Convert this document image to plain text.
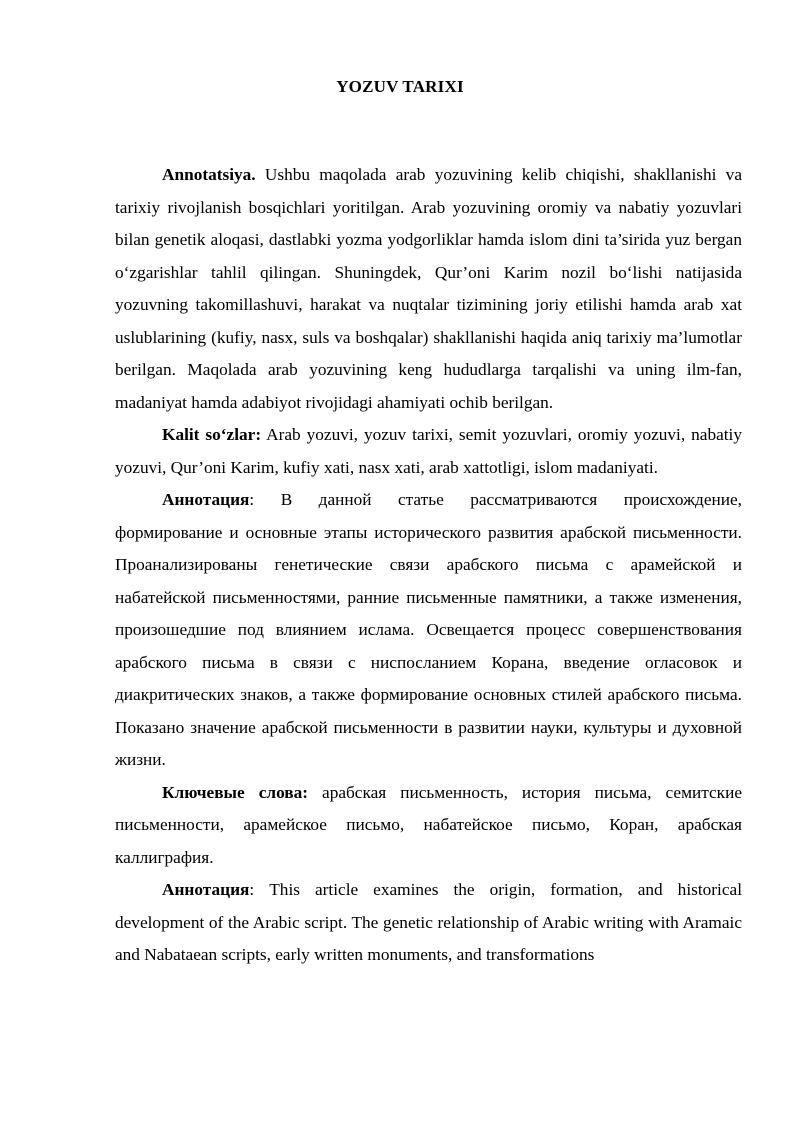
YOZUV TARIXI

Annotatsiya. Ushbu maqolada arab yozuvining kelib chiqishi, shakllanishi va tarixiy rivojlanish bosqichlari yoritilgan. Arab yozuvining oromiy va nabatiy yozuvlari bilan genetik aloqasi, dastlabki yozma yodgorliklar hamda islom dini ta’sirida yuz bergan o‘zgarishlar tahlil qilingan. Shuningdek, Qur’oni Karim nozil bo‘lishi natijasida yozuvning takomillashuvi, harakat va nuqtalar tizimining joriy etilishi hamda arab xat uslublarining (kufiy, nasx, suls va boshqalar) shakllanishi haqida aniq tarixiy ma’lumotlar berilgan. Maqolada arab yozuvining keng hududlarga tarqalishi va uning ilm-fan, madaniyat hamda adabiyot rivojidagi ahamiyati ochib berilgan.

Kalit so‘zlar: Arab yozuvi, yozuv tarixi, semit yozuvlari, oromiy yozuvi, nabatiy yozuvi, Qur’oni Karim, kufiy xati, nasx xati, arab xattotligi, islom madaniyati.

Аннотация: В данной статье рассматриваются происхождение, формирование и основные этапы исторического развития арабской письменности. Проанализированы генетические связи арабского письма с арамейской и набатейской письменностями, ранние письменные памятники, а также изменения, произошедшие под влиянием ислама. Освещается процесс совершенствования арабского письма в связи с ниспосланием Корана, введение огласовок и диакритических знаков, а также формирование основных стилей арабского письма. Показано значение арабской письменности в развитии науки, культуры и духовной жизни.

Ключевые слова: арабская письменность, история письма, семитские письменности, арамейское письмо, набатейское письмо, Коран, арабская каллиграфия.

Аннотация: This article examines the origin, formation, and historical development of the Arabic script. The genetic relationship of Arabic writing with Aramaic and Nabataean scripts, early written monuments, and transformations
